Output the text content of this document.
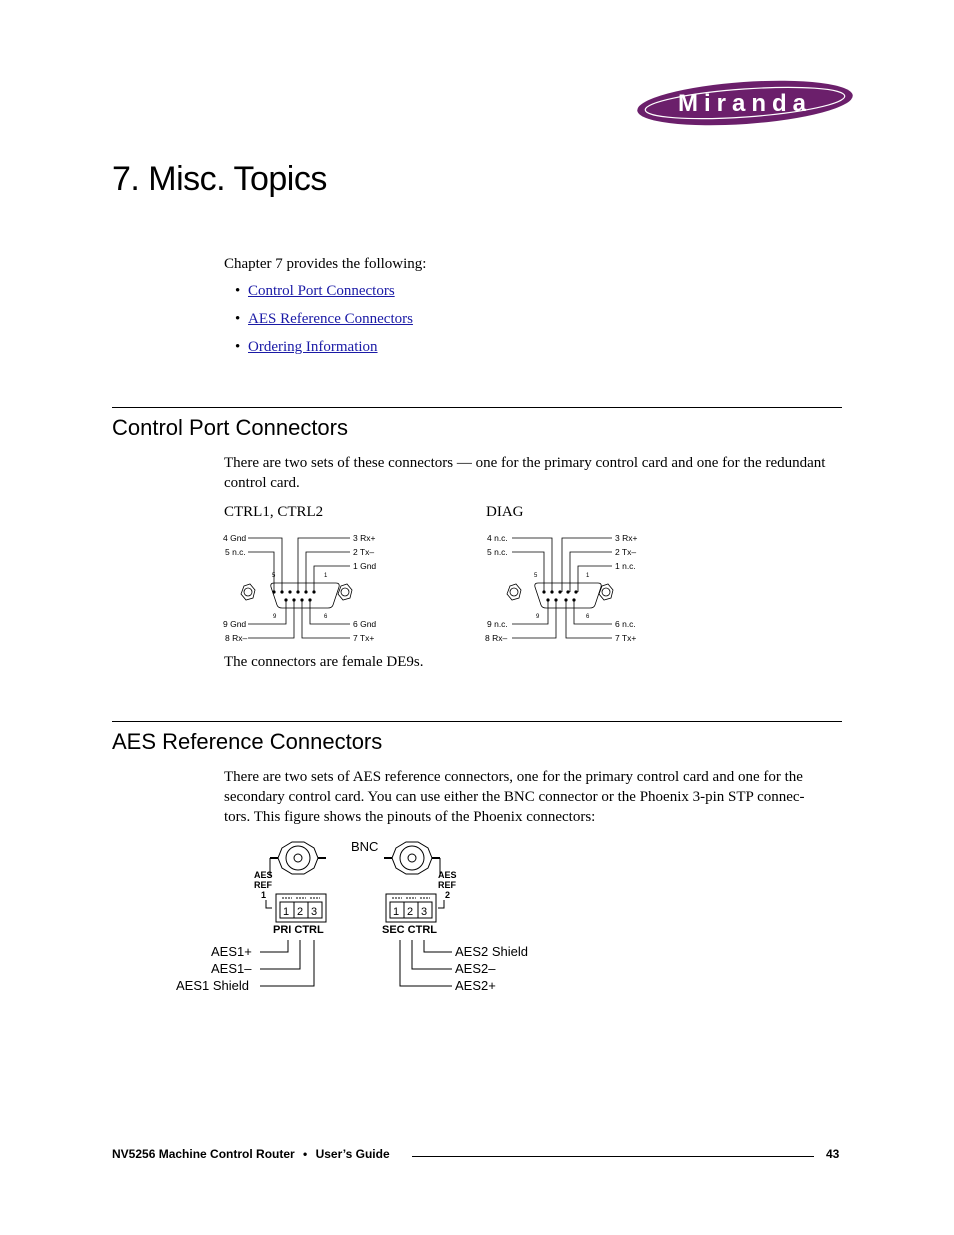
Miranda
7. Misc. Topics
Chapter 7 provides the following:
• Control Port Connectors
• AES Reference Connectors
• Ordering Information
Control Port Connectors
There are two sets of these connectors — one for the primary control card and one for the redundant
control card.
CTRL1, CTRL2	DIAG
4 Gnd
5 n.c.
3 Rx+
2 Tx–
1 Gnd
9 Gnd
8 Rx–
6 Gnd
7 Tx+
5	1
9	6
4 n.c.
5 n.c.
3 Rx+
2 Tx–
1 n.c.
9 n.c.
8 Rx–
6 n.c.
7 Tx+
5	1
9	6
The connectors are female DE9s.
AES Reference Connectors
There are two sets of AES reference connectors, one for the primary control card and one for the
secondary control card. You can use either the BNC connector or the Phoenix 3-pin STP connec-
tors. This figure shows the pinouts of the Phoenix connectors:
BNC
AES
REF
1
AES
REF
2
1 2 3	1 2 3
PRI CTRL	SEC CTRL
AES1+
AES1–
AES1 Shield
AES2 Shield
AES2–
AES2+
NV5256 Machine Control Router • User’s Guide	43
